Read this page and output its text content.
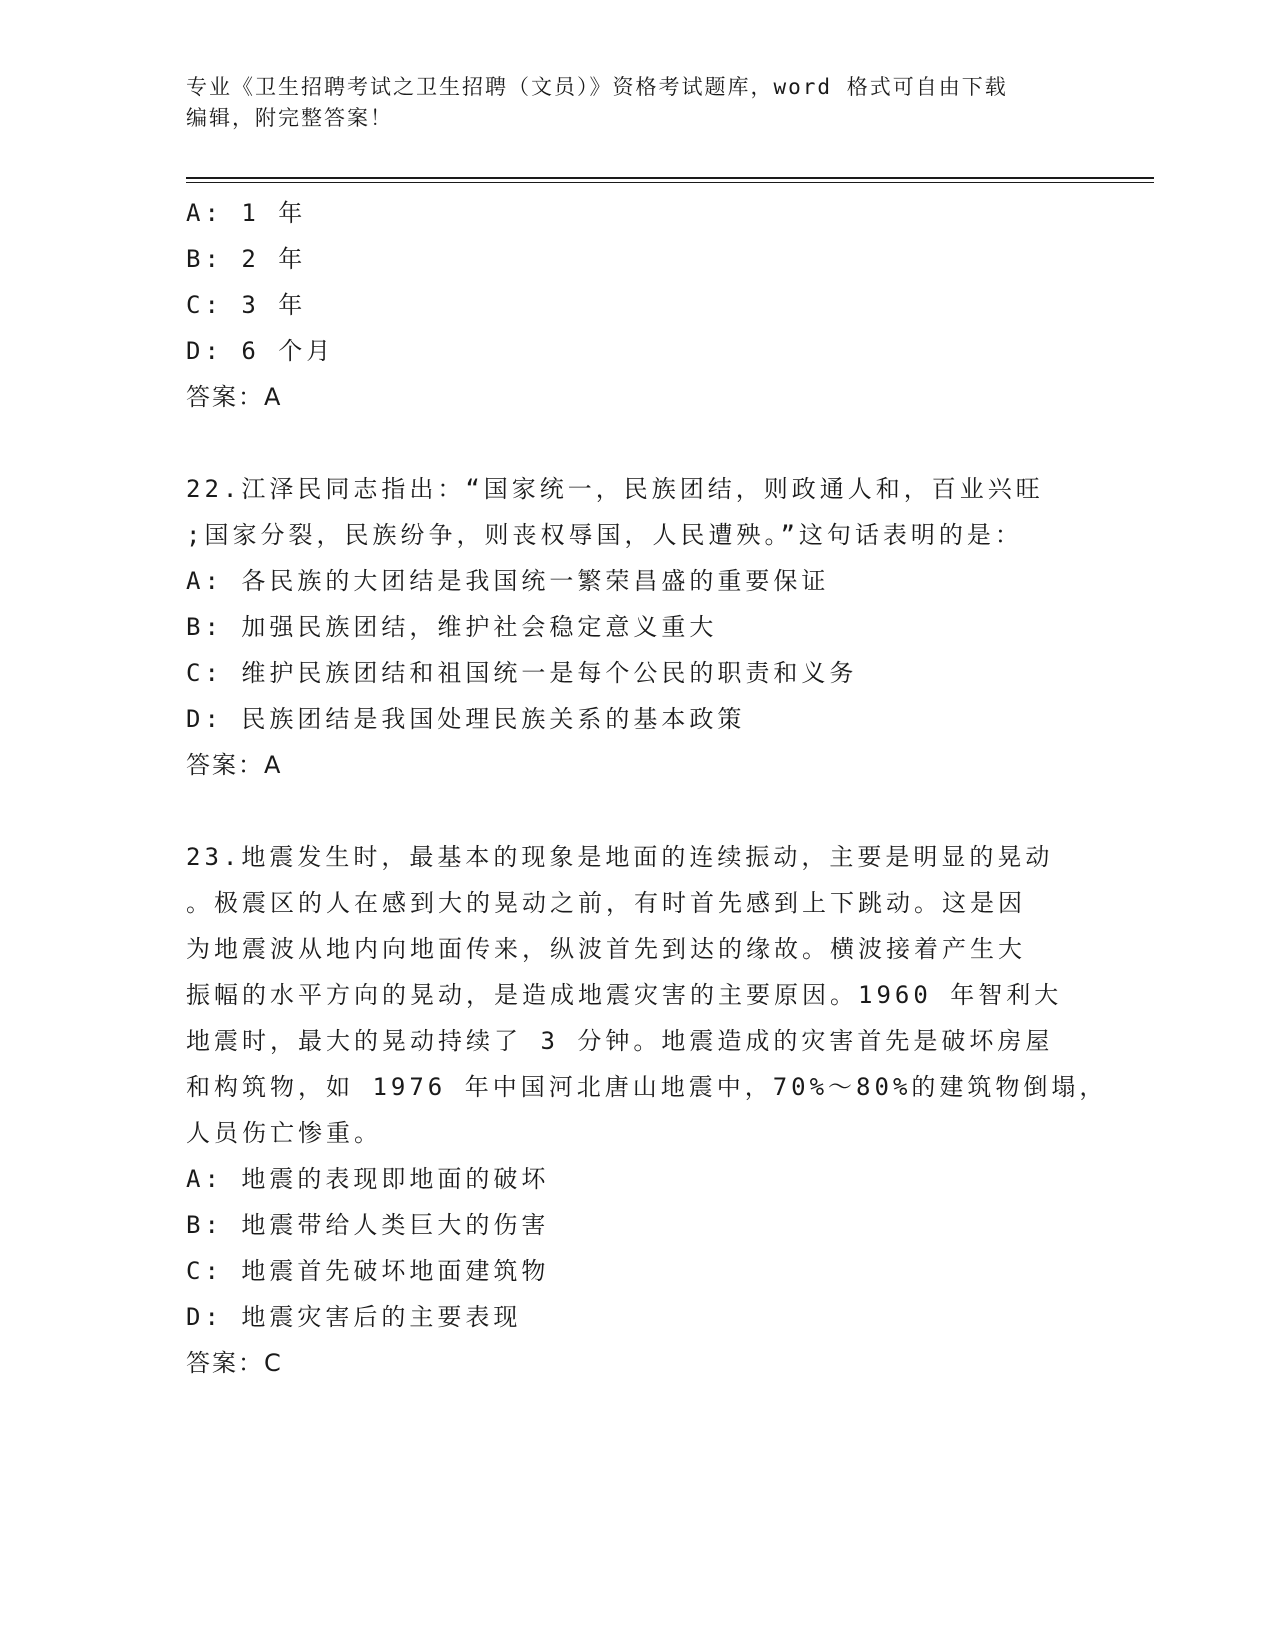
专业《卫生招聘考试之卫生招聘（文员）》资格考试题库，word 格式可自由下载
编辑，附完整答案！
A: 1 年
B: 2 年
C: 3 年
D: 6 个月
答案：A
22.江泽民同志指出：“国家统一，民族团结，则政通人和，百业兴旺
;国家分裂，民族纷争，则丧权辱国，人民遭殃。”这句话表明的是：
A: 各民族的大团结是我国统一繁荣昌盛的重要保证
B: 加强民族团结，维护社会稳定意义重大
C: 维护民族团结和祖国统一是每个公民的职责和义务
D: 民族团结是我国处理民族关系的基本政策
答案：A
23.地震发生时，最基本的现象是地面的连续振动，主要是明显的晃动
。极震区的人在感到大的晃动之前，有时首先感到上下跳动。这是因
为地震波从地内向地面传来，纵波首先到达的缘故。横波接着产生大
振幅的水平方向的晃动，是造成地震灾害的主要原因。1960 年智利大
地震时，最大的晃动持续了 3 分钟。地震造成的灾害首先是破坏房屋
和构筑物，如 1976 年中国河北唐山地震中，70%～80%的建筑物倒塌，
人员伤亡惨重。
A: 地震的表现即地面的破坏
B: 地震带给人类巨大的伤害
C: 地震首先破坏地面建筑物
D: 地震灾害后的主要表现
答案：C
